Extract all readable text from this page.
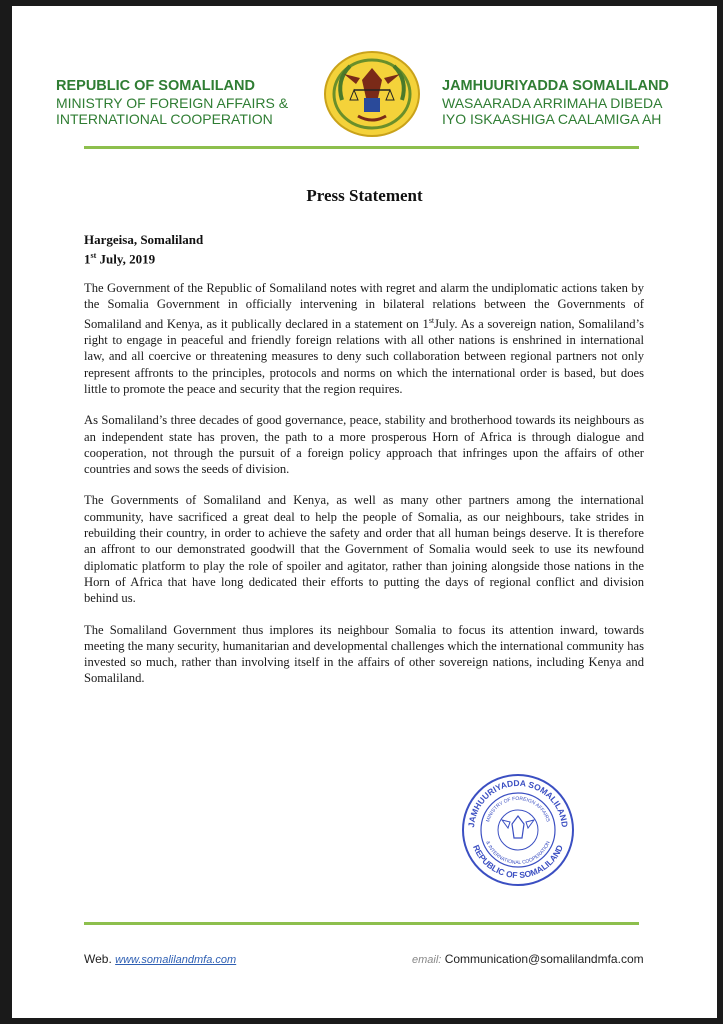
REPUBLIC OF SOMALILAND
MINISTRY OF FOREIGN AFFAIRS &
INTERNATIONAL COOPERATION
JAMHUURIYADDA SOMALILAND
WASAARADA ARRIMAHA DIBEDA
IYO ISKAASHIGA CAALAMIGA AH
Press Statement
Hargeisa, Somaliland
1st July, 2019

The Government of the Republic of Somaliland notes with regret and alarm the undiplomatic actions taken by the Somalia Government in officially intervening in bilateral relations between the Governments of Somaliland and Kenya, as it publically declared in a statement on 1stJuly. As a sovereign nation, Somaliland’s right to engage in peaceful and friendly foreign relations with all other nations is enshrined in international law, and all coercive or threatening measures to deny such collaboration between regional partners not only represent affronts to the principles, protocols and norms on which the international order is based, but does little to promote the peace and security that the region requires.

As Somaliland’s three decades of good governance, peace, stability and brotherhood towards its neighbours as an independent state has proven, the path to a more prosperous Horn of Africa is through dialogue and cooperation, not through the pursuit of a foreign policy approach that infringes upon the affairs of other countries and sows the seeds of division.

The Governments of Somaliland and Kenya, as well as many other partners among the international community, have sacrificed a great deal to help the people of Somalia, as our neighbours, take strides in rebuilding their country, in order to achieve the safety and order that all human beings deserve. It is therefore an affront to our demonstrated goodwill that the Government of Somalia would seek to use its newfound diplomatic platform to play the role of spoiler and agitator, rather than joining alongside those nations in the Horn of Africa that have long dedicated their efforts to putting the days of regional conflict and division behind us.

The Somaliland Government thus implores its neighbour Somalia to focus its attention inward, towards meeting the many security, humanitarian and developmental challenges which the international community has invested so much, rather than involving itself in the affairs of other sovereign nations, including Kenya and Somaliland.

JAMHUURIYADDA SOMALILAND
REPUBLIC OF SOMALILAND
MINISTRY OF FOREIGN AFFAIRS
& INTERNATIONAL COOPERATION
Web. www.somalilandmfa.com	email: Communication@somalilandmfa.com
